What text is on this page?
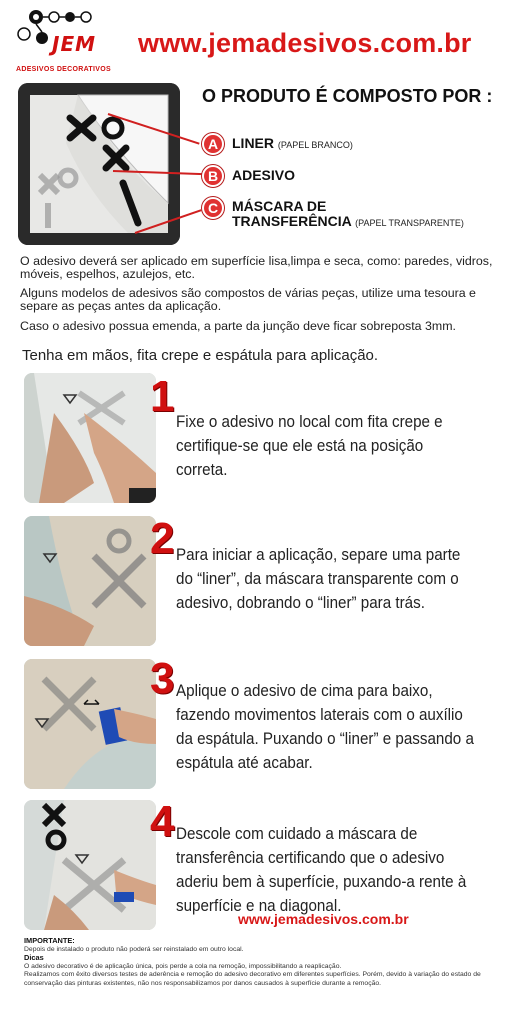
JEM
ADESIVOS DECORATIVOS
www.jemadesivos.com.br
O PRODUTO É COMPOSTO POR :
A LINER (PAPEL BRANCO)
B ADESIVO
C MÁSCARA DE
TRANSFERÊNCIA (PAPEL TRANSPARENTE)
O adesivo deverá ser aplicado em superfície lisa,limpa e seca, como: paredes, vidros, móveis, espelhos, azulejos, etc.
Alguns modelos de adesivos são compostos de várias peças, utilize uma tesoura e separe as peças antes da aplicação.
Caso o adesivo possua emenda, a parte da junção deve ficar sobreposta 3mm.
Tenha em mãos, fita crepe e espátula para aplicação.
1
Fixe o adesivo no local com fita crepe e certifique-se que ele está na posição correta.
2 Para iniciar a aplicação, separe uma parte do “liner”, da máscara transparente com o adesivo, dobrando o “liner” para trás.
3 Aplique o adesivo de cima para baixo, fazendo movimentos laterais com o auxílio da espátula. Puxando o “liner” e passando a espátula até acabar.
4 Descole com cuidado a máscara de transferência certificando que o adesivo aderiu bem à superfície, puxando-a rente à superfície e na diagonal.
www.jemadesivos.com.br
IMPORTANTE:
Depois de instalado o produto não poderá ser reinstalado em outro local.
Dicas
O adesivo decorativo é de aplicação única, pois perde a cola na remoção, impossibilitando a reaplicação.
Realizamos com êxito diversos testes de aderência e remoção do adesivo decorativo em diferentes superfícies. Porém, devido à variação do estado de conservação das pinturas existentes, não nos responsabilizamos por danos causados à superfície durante a remoção.
